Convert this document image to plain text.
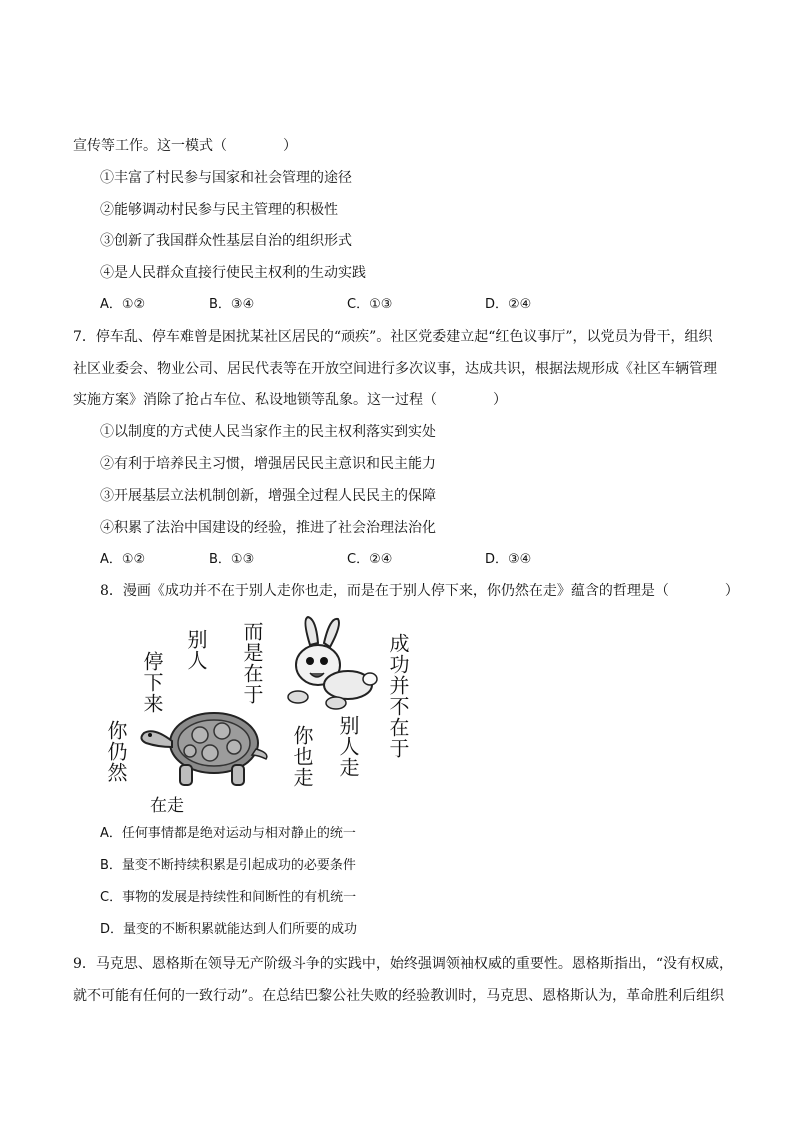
宣传等工作。这一模式（　　　　）
①丰富了村民参与国家和社会管理的途径
②能够调动村民参与民主管理的积极性
③创新了我国群众性基层自治的组织形式
④是人民群众直接行使民主权利的生动实践
A．①②	B．③④	C．①③	D．②④
7．停车乱、停车难曾是困扰某社区居民的“顽疾”。社区党委建立起“红色议事厅”，以党员为骨干，组织
社区业委会、物业公司、居民代表等在开放空间进行多次议事，达成共识，根据法规形成《社区车辆管理
实施方案》消除了抢占车位、私设地锁等乱象。这一过程（　　　　）
①以制度的方式使人民当家作主的民主权利落实到实处
②有利于培养民主习惯，增强居民民主意识和民主能力
③开展基层立法机制创新，增强全过程人民民主的保障
④积累了法治中国建设的经验，推进了社会治理法治化
A．①②	B．①③	C．②④	D．③④
8．漫画《成功并不在于别人走你也走，而是在于别人停下来，你仍然在走》蕴含的哲理是（　　　　）
你仍然
在走
停下来
别人 而是在于
你也走 别人走 成功并不在于
A．任何事情都是绝对运动与相对静止的统一
B．量变不断持续积累是引起成功的必要条件
C．事物的发展是持续性和间断性的有机统一
D．量变的不断积累就能达到人们所要的成功
9．马克思、恩格斯在领导无产阶级斗争的实践中，始终强调领袖权威的重要性。恩格斯指出，“没有权威，
就不可能有任何的一致行动”。在总结巴黎公社失败的经验教训时，马克思、恩格斯认为，革命胜利后组织
